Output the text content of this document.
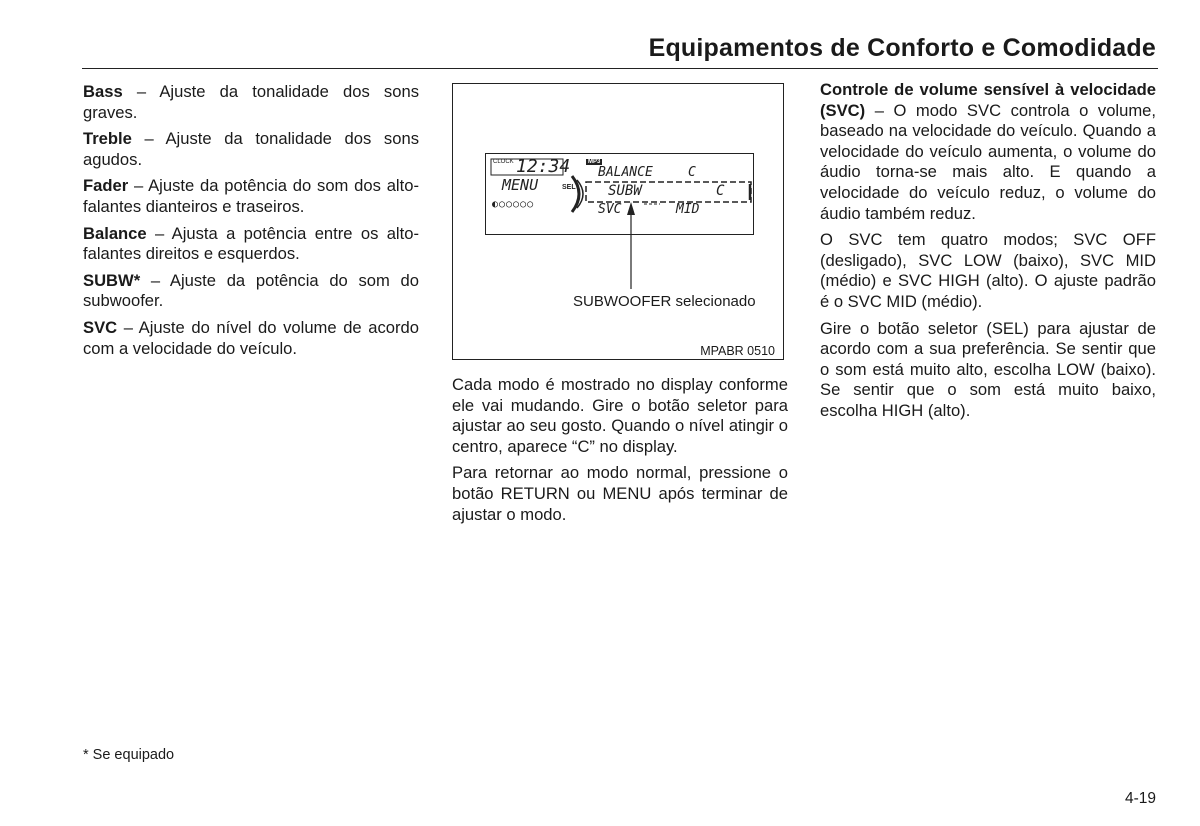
Equipamentos de Conforto e Comodidade

Bass – Ajuste da tonalidade dos sons graves.

Treble – Ajuste da tonalidade dos sons agudos.

Fader – Ajuste da potência do som dos alto-falantes dianteiros e traseiros.

Balance – Ajusta a potência entre os alto-falantes direitos e esquerdos.

SUBW* – Ajuste da potência do som do subwoofer.

SVC – Ajuste do nível do volume de acordo com a velocidade do veículo.

CLOCK 12:34
MENU	SEL
◐○○○○○
MP3
BALANCE	C
SUBW	C
SVC	MID
SUBWOOFER selecionado
MPABR 0510

Cada modo é mostrado no display conforme ele vai mudando. Gire o botão seletor para ajustar ao seu gosto. Quando o nível atingir o centro, aparece “C” no display.

Para retornar ao modo normal, pressione o botão RETURN ou MENU após terminar de ajustar o modo.

Controle de volume sensível à velocidade (SVC) – O modo SVC controla o volume, baseado na velocidade do veículo. Quando a velocidade do veículo aumenta, o volume do áudio torna-se mais alto. E quando a velocidade do veículo reduz, o volume do áudio também reduz.

O SVC tem quatro modos; SVC OFF (desligado), SVC LOW (baixo), SVC MID (médio) e SVC HIGH (alto). O ajuste padrão é o SVC MID (médio).

Gire o botão seletor (SEL) para ajustar de acordo com a sua preferência. Se sentir que o som está muito alto, escolha LOW (baixo). Se sentir que o som está muito baixo, escolha HIGH (alto).

* Se equipado
4-19
